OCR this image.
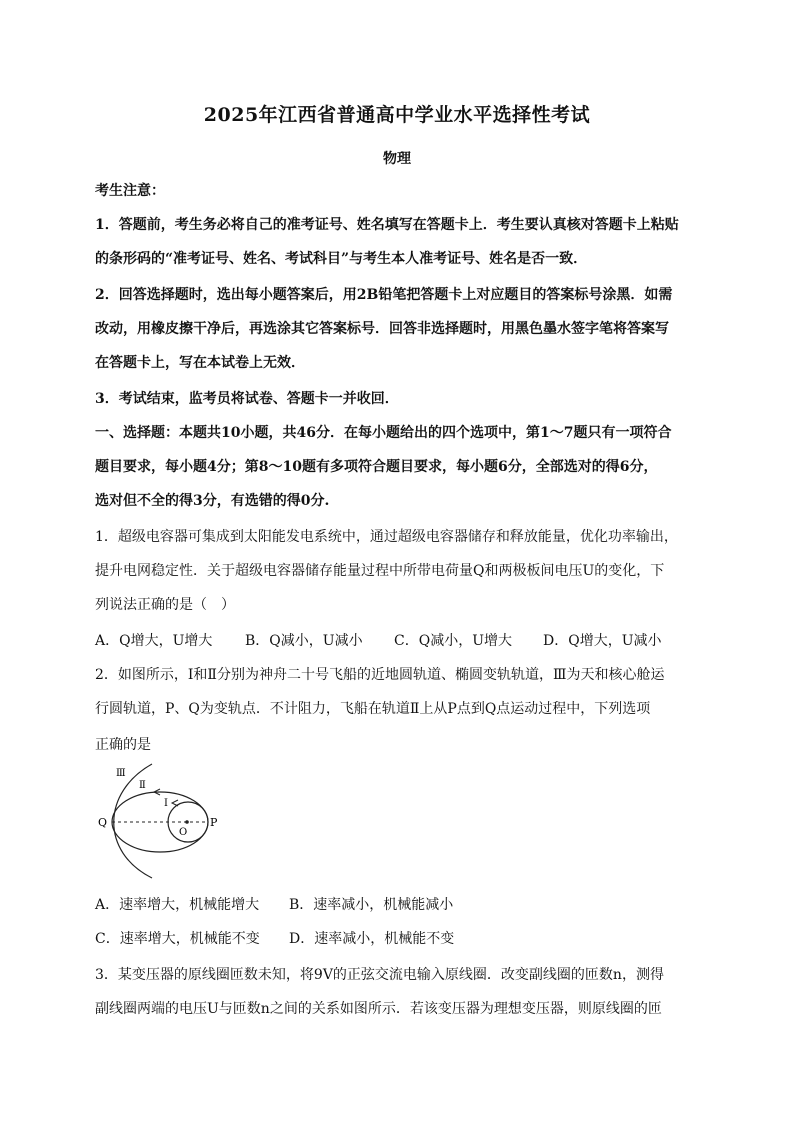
2025年江西省普通高中学业水平选择性考试
物理
考生注意：
1．答题前，考生务必将自己的准考证号、姓名填写在答题卡上．考生要认真核对答题卡上粘贴
的条形码的“准考证号、姓名、考试科目”与考生本人准考证号、姓名是否一致．
2．回答选择题时，选出每小题答案后，用2B铅笔把答题卡上对应题目的答案标号涂黑．如需
改动，用橡皮擦干净后，再选涂其它答案标号．回答非选择题时，用黑色墨水签字笔将答案写
在答题卡上，写在本试卷上无效．
3．考试结束，监考员将试卷、答题卡一并收回．
一、选择题：本题共10小题，共46分．在每小题给出的四个选项中，第1～7题只有一项符合
题目要求，每小题4分；第8～10题有多项符合题目要求，每小题6分，全部选对的得6分，
选对但不全的得3分，有选错的得0分.
1．超级电容器可集成到太阳能发电系统中，通过超级电容器储存和释放能量，优化功率输出，
提升电网稳定性．关于超级电容器储存能量过程中所带电荷量Q和两极板间电压U的变化，下
列说法正确的是（　）
A．Q增大，U增大 B．Q减小，U减小 C．Q减小，U增大 D．Q增大，U减小
2．如图所示，Ⅰ和Ⅱ分别为神舟二十号飞船的近地圆轨道、椭圆变轨轨道，Ⅲ为天和核心舱运
行圆轨道，P、Q为变轨点．不计阻力，飞船在轨道Ⅱ上从P点到Q点运动过程中，下列选项
正确的是
Ⅲ
Ⅱ
I
Q
O
P
A．速率增大，机械能增大 B．速率减小，机械能减小
C．速率增大，机械能不变 D．速率减小，机械能不变
3．某变压器的原线圈匝数未知，将9V的正弦交流电输入原线圈．改变副线圈的匝数n，测得
副线圈两端的电压U与匝数n之间的关系如图所示．若该变压器为理想变压器，则原线圈的匝
